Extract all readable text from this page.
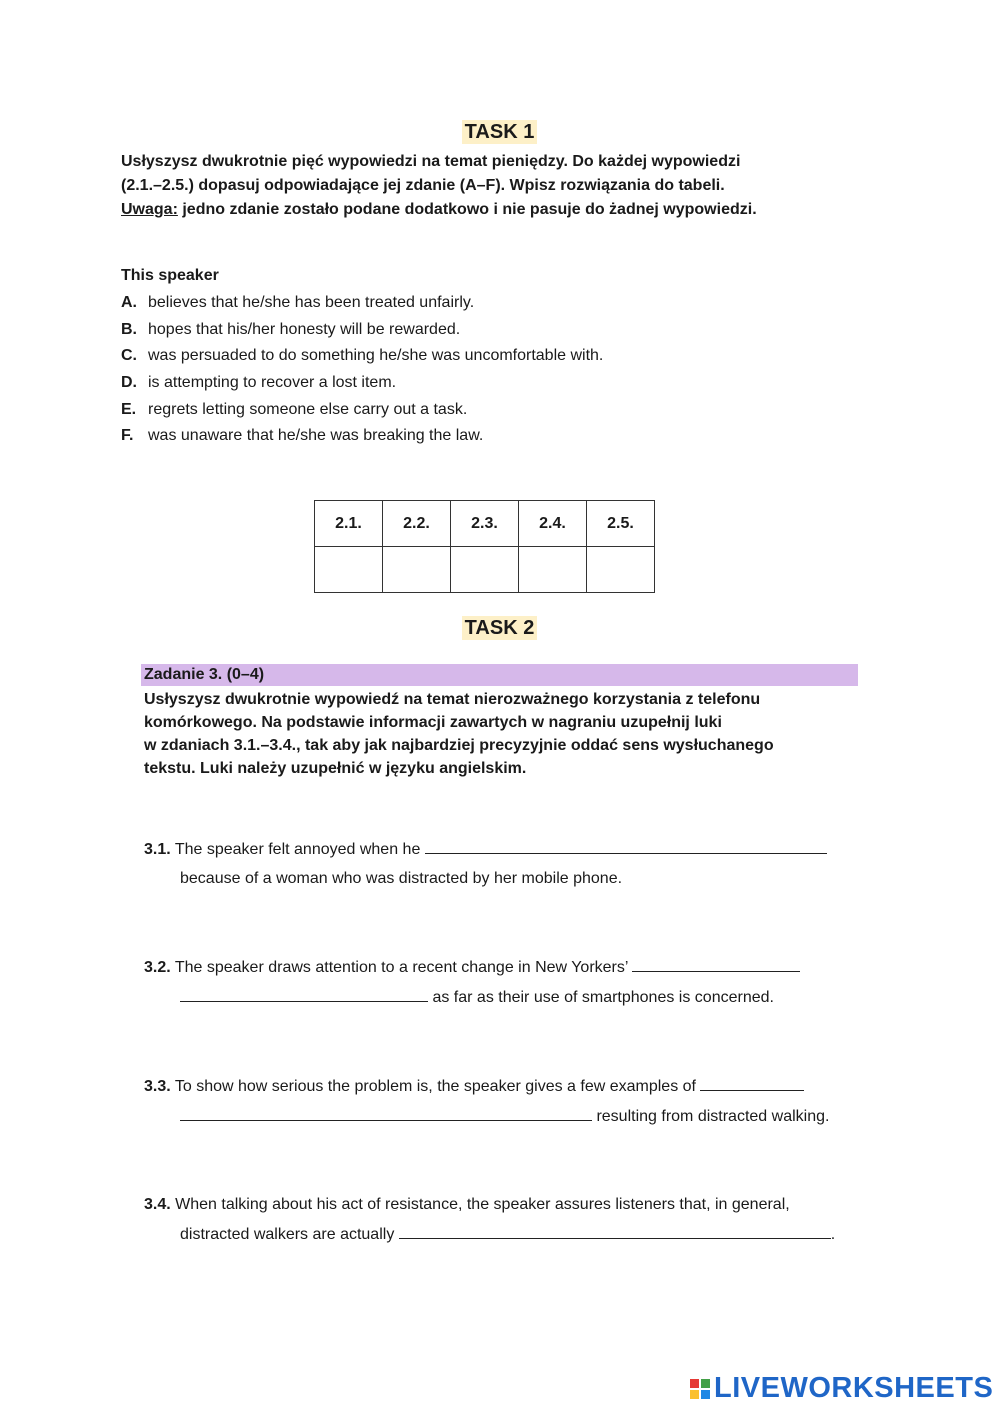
TASK 1

Usłyszysz dwukrotnie pięć wypowiedzi na temat pieniędzy. Do każdej wypowiedzi
(2.1.–2.5.) dopasuj odpowiadające jej zdanie (A–F). Wpisz rozwiązania do tabeli.
Uwaga: jedno zdanie zostało podane dodatkowo i nie pasuje do żadnej wypowiedzi.

This speaker
A. believes that he/she has been treated unfairly.
B. hopes that his/her honesty will be rewarded.
C. was persuaded to do something he/she was uncomfortable with.
D. is attempting to recover a lost item.
E. regrets letting someone else carry out a task.
F. was unaware that he/she was breaking the law.
2.1.	2.2.	2.3.	2.4.	2.5.

TASK 2
Zadanie 3. (0–4)

Usłyszysz dwukrotnie wypowiedź na temat nierozważnego korzystania z telefonu
komórkowego. Na podstawie informacji zawartych w nagraniu uzupełnij luki
w zdaniach 3.1.–3.4., tak aby jak najbardziej precyzyjnie oddać sens wysłuchanego
tekstu. Luki należy uzupełnić w języku angielskim.

3.1. The speaker felt annoyed when he
because of a woman who was distracted by her mobile phone.
3.2. The speaker draws attention to a recent change in New Yorkers’
as far as their use of smartphones is concerned.
3.3. To show how serious the problem is, the speaker gives a few examples of
resulting from distracted walking.
3.4. When talking about his act of resistance, the speaker assures listeners that, in general,
distracted walkers are actually	.
LIVEWORKSHEETS
